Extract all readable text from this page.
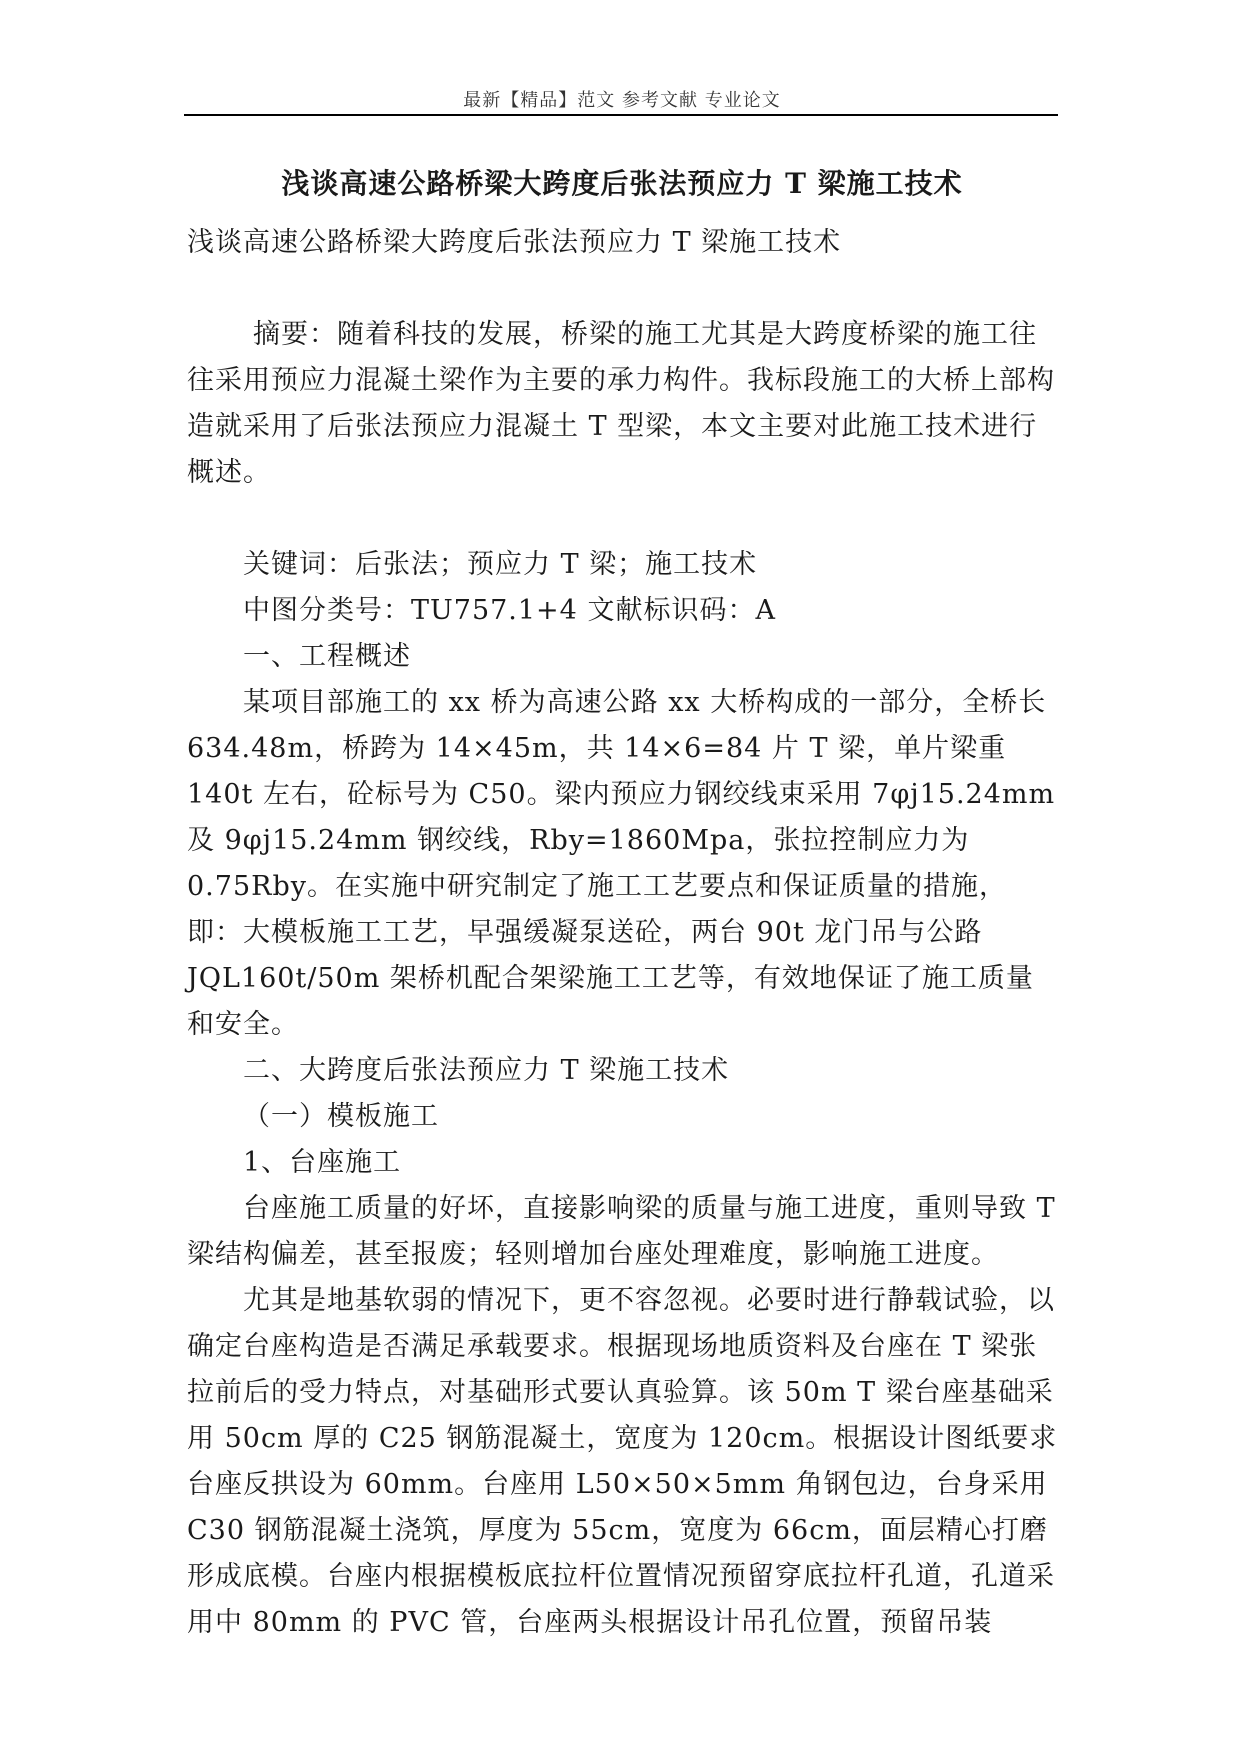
最新【精品】范文 参考文献 专业论文
浅谈高速公路桥梁大跨度后张法预应力 T 梁施工技术

浅谈高速公路桥梁大跨度后张法预应力 T 梁施工技术

摘要：随着科技的发展，桥梁的施工尤其是大跨度桥梁的施工往往采用预应力混凝土梁作为主要的承力构件。我标段施工的大桥上部构造就采用了后张法预应力混凝土 T 型梁，本文主要对此施工技术进行概述。

关键词：后张法；预应力 T 梁；施工技术

中图分类号：TU757.1+4 文献标识码：A

一、工程概述

某项目部施工的 xx 桥为高速公路 xx 大桥构成的一部分，全桥长 634.48m，桥跨为 14×45m，共 14×6=84 片 T 梁，单片梁重 140t 左右，砼标号为 C50。梁内预应力钢绞线束采用 7φj15.24mm 及 9φj15.24mm 钢绞线，Rby=1860Mpa，张拉控制应力为 0.75Rby。在实施中研究制定了施工工艺要点和保证质量的措施，即：大模板施工工艺，早强缓凝泵送砼，两台 90t 龙门吊与公路 JQL160t/50m 架桥机配合架梁施工工艺等，有效地保证了施工质量和安全。

二、大跨度后张法预应力 T 梁施工技术

（一）模板施工

1、台座施工

台座施工质量的好坏，直接影响梁的质量与施工进度，重则导致 T 梁结构偏差，甚至报废；轻则增加台座处理难度，影响施工进度。

尤其是地基软弱的情况下，更不容忽视。必要时进行静载试验，以确定台座构造是否满足承载要求。根据现场地质资料及台座在 T 梁张拉前后的受力特点，对基础形式要认真验算。该 50m T 梁台座基础采用 50cm 厚的 C25 钢筋混凝土，宽度为 120cm。根据设计图纸要求台座反拱设为 60mm。台座用 L50×50×5mm 角钢包边，台身采用 C30 钢筋混凝土浇筑，厚度为 55cm，宽度为 66cm，面层精心打磨形成底模。台座内根据模板底拉杆位置情况预留穿底拉杆孔道，孔道采用中 80mm 的 PVC 管，台座两头根据设计吊孔位置，预留吊装
